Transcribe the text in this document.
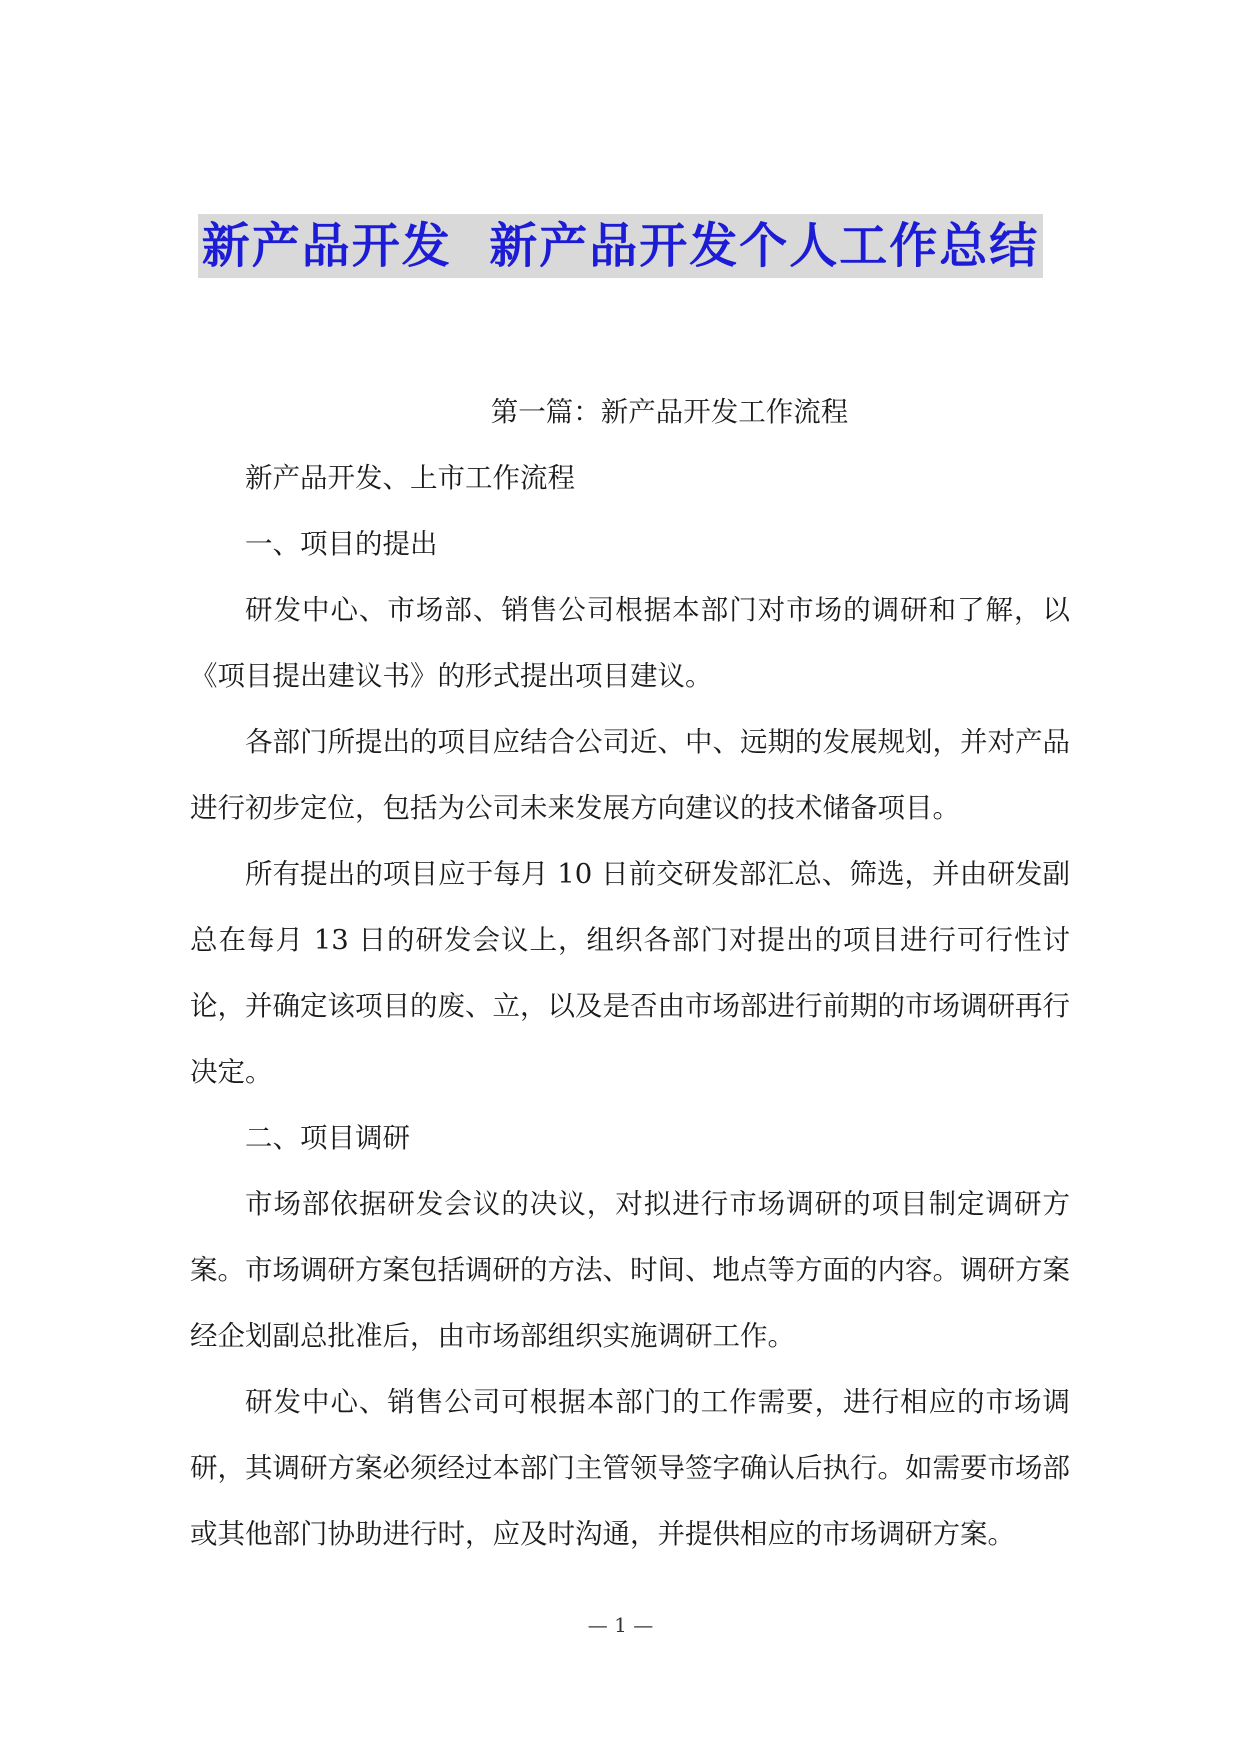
新产品开发  新产品开发个人工作总结
第一篇：新产品开发工作流程

新产品开发、上市工作流程

一、项目的提出

研发中心、市场部、销售公司根据本部门对市场的调研和了解，以《项目提出建议书》的形式提出项目建议。

各部门所提出的项目应结合公司近、中、远期的发展规划，并对产品进行初步定位，包括为公司未来发展方向建议的技术储备项目。

所有提出的项目应于每月 10 日前交研发部汇总、筛选，并由研发副总在每月 13 日的研发会议上，组织各部门对提出的项目进行可行性讨论，并确定该项目的废、立，以及是否由市场部进行前期的市场调研再行决定。

二、项目调研

市场部依据研发会议的决议，对拟进行市场调研的项目制定调研方案。市场调研方案包括调研的方法、时间、地点等方面的内容。调研方案经企划副总批准后，由市场部组织实施调研工作。

研发中心、销售公司可根据本部门的工作需要，进行相应的市场调研，其调研方案必须经过本部门主管领导签字确认后执行。如需要市场部或其他部门协助进行时，应及时沟通，并提供相应的市场调研方案。

— 1 —
